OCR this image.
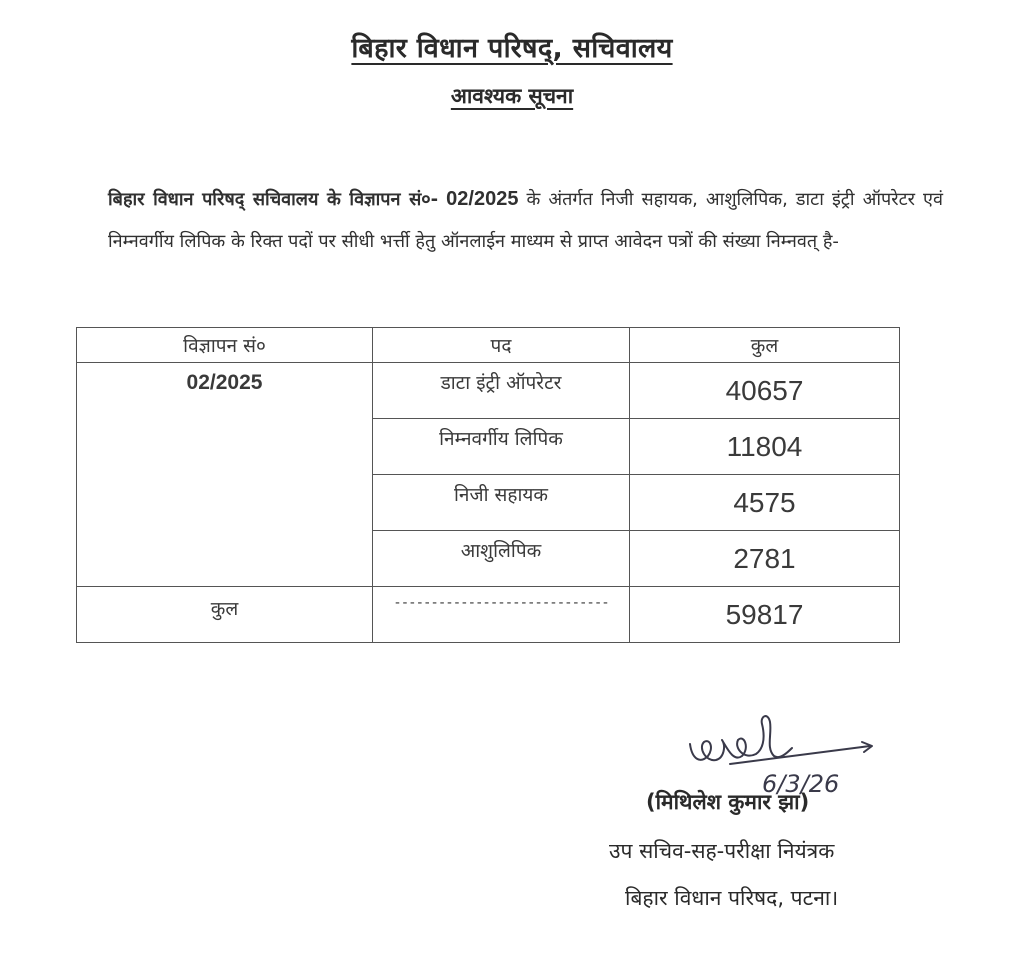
बिहार विधान परिषद्, सचिवालय
आवश्यक सूचना
बिहार विधान परिषद् सचिवालय के विज्ञापन सं०- 02/2025 के अंतर्गत निजी सहायक, आशुलिपिक, डाटा इंट्री ऑपरेटर एवं निम्नवर्गीय लिपिक के रिक्त पदों पर सीधी भर्त्ती हेतु ऑनलाईन माध्यम से प्राप्त आवेदन पत्रों की संख्या निम्नवत् है-
विज्ञापन सं०	पद	कुल

02/2025	डाटा इंट्री ऑपरेटर	40657

	निम्नवर्गीय लिपिक	11804

	निजी सहायक	4575

	आशुलिपिक	2781

कुल	-----------------------------	59817
6/3/26
(मिथिलेश कुमार झा)
उप सचिव-सह-परीक्षा नियंत्रक
बिहार विधान परिषद, पटना।
